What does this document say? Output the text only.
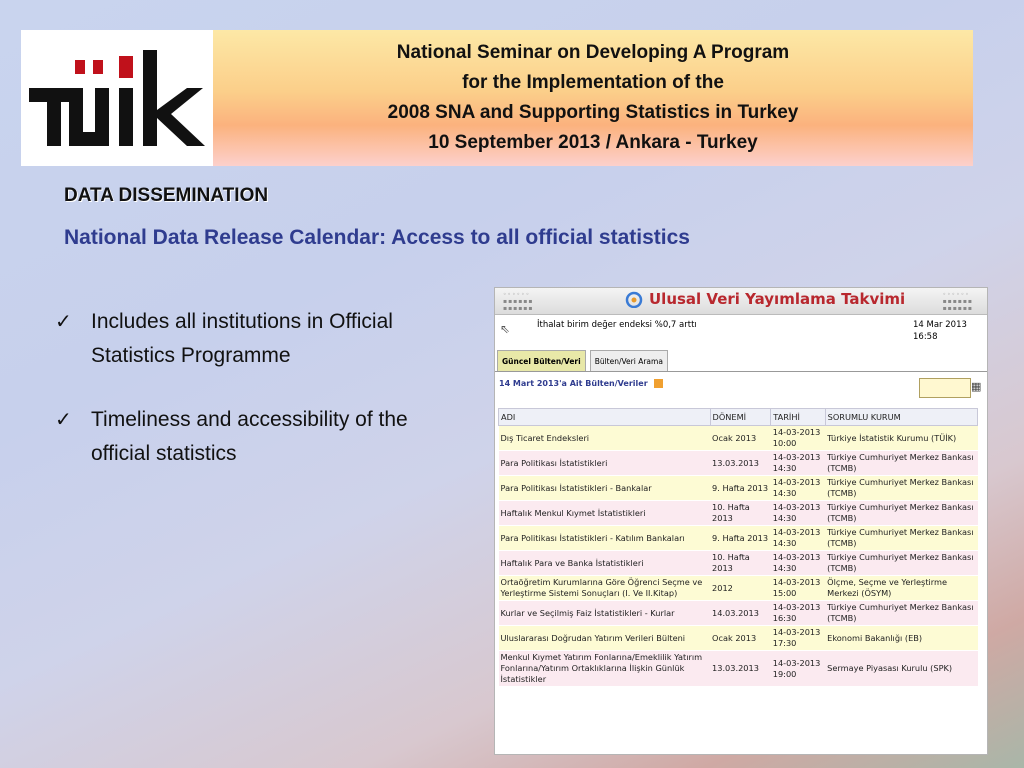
National Seminar on Developing A Program
for the Implementation of the
2008 SNA and Supporting Statistics in Turkey
10 September 2013 / Ankara - Turkey
DATA DISSEMINATION
National Data Release Calendar: Access to all official statistics
✓ Includes all institutions in Official Statistics Programme
✓ Timeliness and accessibility of the official statistics
◦◦◦◦◦◦
▪▪▪▪▪▪
▪▪▪▪▪▪
Ulusal Veri Yayımlama Takvimi	◦◦◦◦◦◦
▪▪▪▪▪▪
▪▪▪▪▪▪
⇖	İthalat birim değer endeksi %0,7 arttı	14 Mar 2013
16:58
Güncel Bülten/Veri	Bülten/Veri Arama
14 Mart 2013'a Ait Bülten/Veriler	▦
ADI	DÖNEMİ	TARİHİ	SORUMLU KURUM
Dış Ticaret Endeksleri	Ocak 2013	14-03-2013 10:00	Türkiye İstatistik Kurumu (TÜİK)
Para Politikası İstatistikleri	13.03.2013	14-03-2013 14:30	Türkiye Cumhuriyet Merkez Bankası (TCMB)
Para Politikası İstatistikleri - Bankalar	9. Hafta 2013	14-03-2013 14:30	Türkiye Cumhuriyet Merkez Bankası (TCMB)
Haftalık Menkul Kıymet İstatistikleri	10. Hafta 2013	14-03-2013 14:30	Türkiye Cumhuriyet Merkez Bankası (TCMB)
Para Politikası İstatistikleri - Katılım Bankaları	9. Hafta 2013	14-03-2013 14:30	Türkiye Cumhuriyet Merkez Bankası (TCMB)
Haftalık Para ve Banka İstatistikleri	10. Hafta 2013	14-03-2013 14:30	Türkiye Cumhuriyet Merkez Bankası (TCMB)
Ortaöğretim Kurumlarına Göre Öğrenci Seçme ve Yerleştirme Sistemi Sonuçları (I. Ve II.Kitap)	2012	14-03-2013 15:00	Ölçme, Seçme ve Yerleştirme Merkezi (ÖSYM)
Kurlar ve Seçilmiş Faiz İstatistikleri - Kurlar	14.03.2013	14-03-2013 16:30	Türkiye Cumhuriyet Merkez Bankası (TCMB)
Uluslararası Doğrudan Yatırım Verileri Bülteni	Ocak 2013	14-03-2013 17:30	Ekonomi Bakanlığı (EB)
Menkul Kıymet Yatırım Fonlarına/Emeklilik Yatırım Fonlarına/Yatırım Ortaklıklarına İlişkin Günlük İstatistikler	13.03.2013	14-03-2013 19:00	Sermaye Piyasası Kurulu (SPK)
